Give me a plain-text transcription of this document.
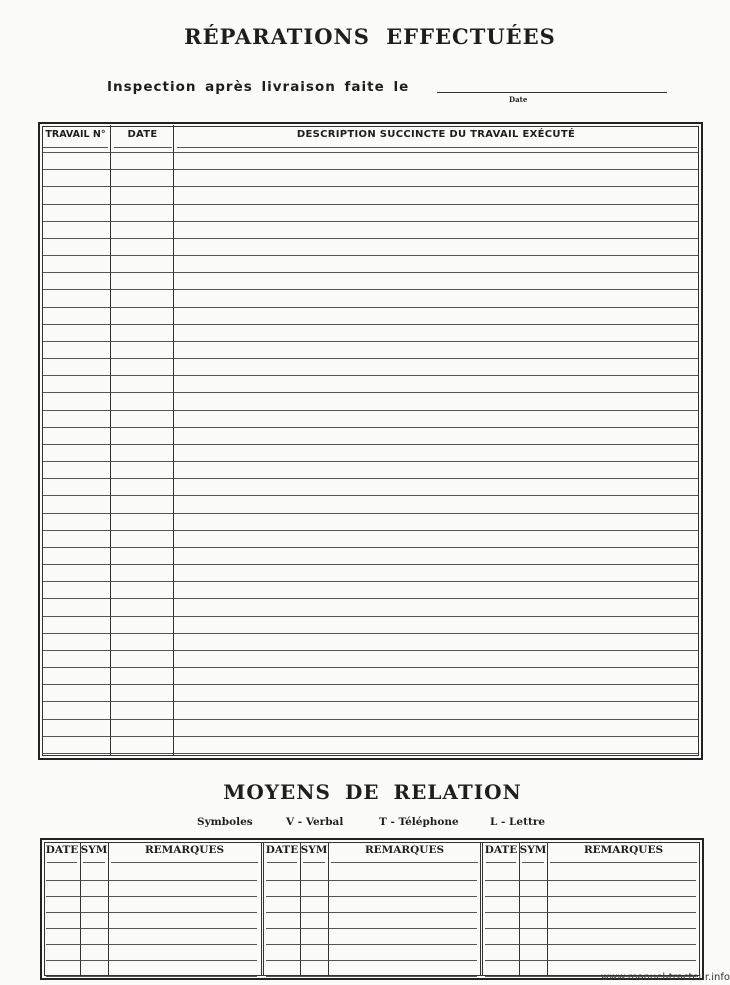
RÉPARATIONS EFFECTUÉES
Inspection après livraison faite le
Date
TRAVAIL N°	DATE	DESCRIPTION SUCCINCTE DU TRAVAIL EXÉCUTÉ
MOYENS DE RELATION
Symboles	V - Verbal	T - Téléphone	L - Lettre
www.manuel-tracteur.info
DATE SYM	REMARQUES	DATE SYM	REMARQUES	DATE SYM	REMARQUES
